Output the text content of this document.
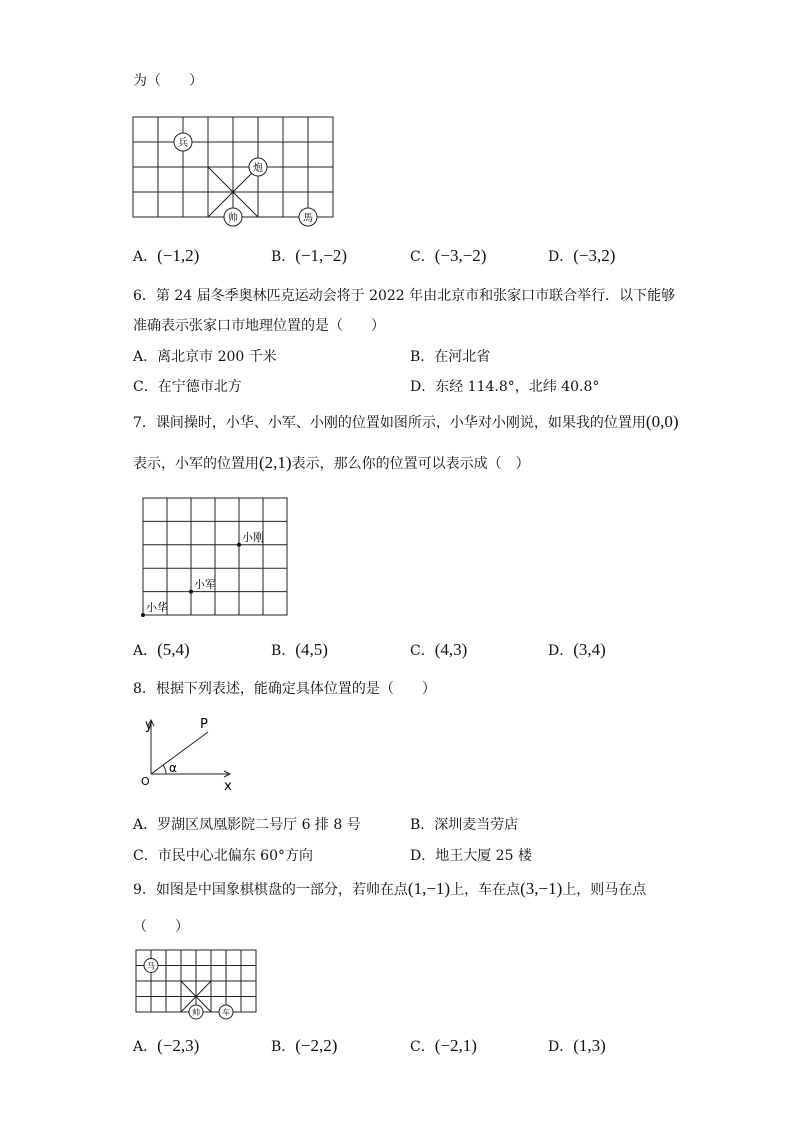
为（　　）
兵
炮
帅	馬
A．(−1,2)	B．(−1,−2)	C．(−3,−2)	D．(−3,2)
6．第 24 届冬季奥林匹克运动会将于 2022 年由北京市和张家口市联合举行．以下能够
准确表示张家口市地理位置的是（　　）
A．离北京市 200 千米	B．在河北省
C．在宁德市北方	D．东经 114.8°，北纬 40.8°
7．课间操时，小华、小军、小刚的位置如图所示，小华对小刚说，如果我的位置用(0,0)
表示，小军的位置用(2,1)表示，那么你的位置可以表示成（　）
小刚
小军
小华
A．(5,4)	B．(4,5)	C．(4,3)	D．(3,4)
8．根据下列表述，能确定具体位置的是（　　）
y
x
P
O
α
A．罗湖区凤凰影院二号厅 6 排 8 号	B．深圳麦当劳店
C．市民中心北偏东 60°方向	D．地王大厦 25 楼
9．如图是中国象棋棋盘的一部分，若帅在点(1,−1)上，车在点(3,−1)上，则马在点
（　　）
马
帅	车
A．(−2,3)	B．(−2,2)	C．(−2,1)	D．(1,3)
